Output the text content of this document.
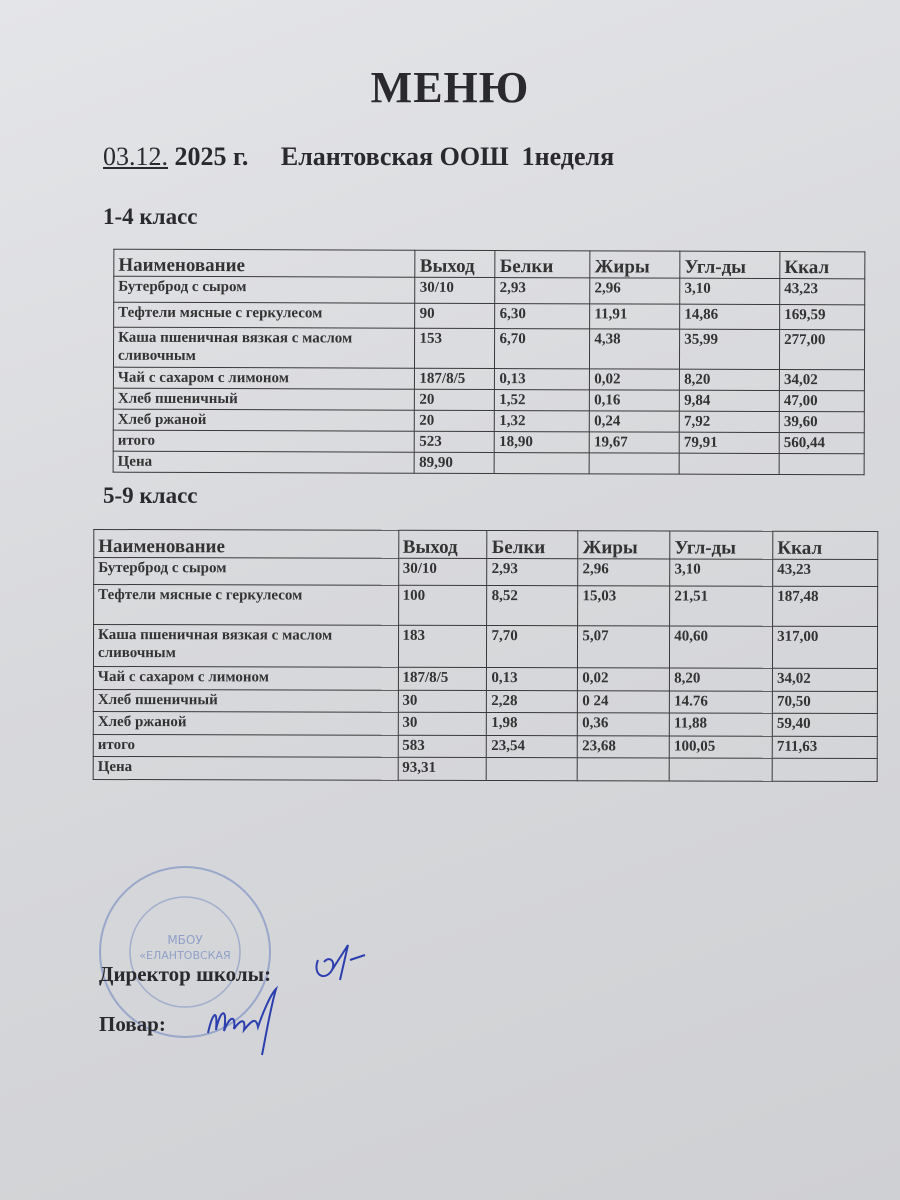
МЕНЮ
03.12. 2025 г. Елантовская ООШ  1неделя
1-4 класс
Наименование	Выход	Белки	Жиры	Угл-ды	Ккал
Бутерброд с сыром	30/10	2,93	2,96	3,10	43,23
Тефтели мясные с геркулесом	90	6,30	11,91	14,86	169,59
Каша пшеничная вязкая с маслом сливочным	153	6,70	4,38	35,99	277,00
Чай с сахаром с лимоном	187/8/5	0,13	0,02	8,20	34,02
Хлеб пшеничный	20	1,52	0,16	9,84	47,00
Хлеб ржаной	20	1,32	0,24	7,92	39,60
итого	523	18,90	19,67	79,91	560,44
Цена	89,90				
5-9 класс
Наименование	Выход	Белки	Жиры	Угл-ды	Ккал
Бутерброд с сыром	30/10	2,93	2,96	3,10	43,23
Тефтели мясные с геркулесом	100	8,52	15,03	21,51	187,48
Каша пшеничная вязкая с маслом сливочным	183	7,70	5,07	40,60	317,00
Чай с сахаром с лимоном	187/8/5	0,13	0,02	8,20	34,02
Хлеб пшеничный	30	2,28	0 24	14.76	70,50
Хлеб ржаной	30	1,98	0,36	11,88	59,40
итого	583	23,54	23,68	100,05	711,63
Цена	93,31				
МБОУ
«ЕЛАНТОВСКАЯ
Директор школы:
Повар:
